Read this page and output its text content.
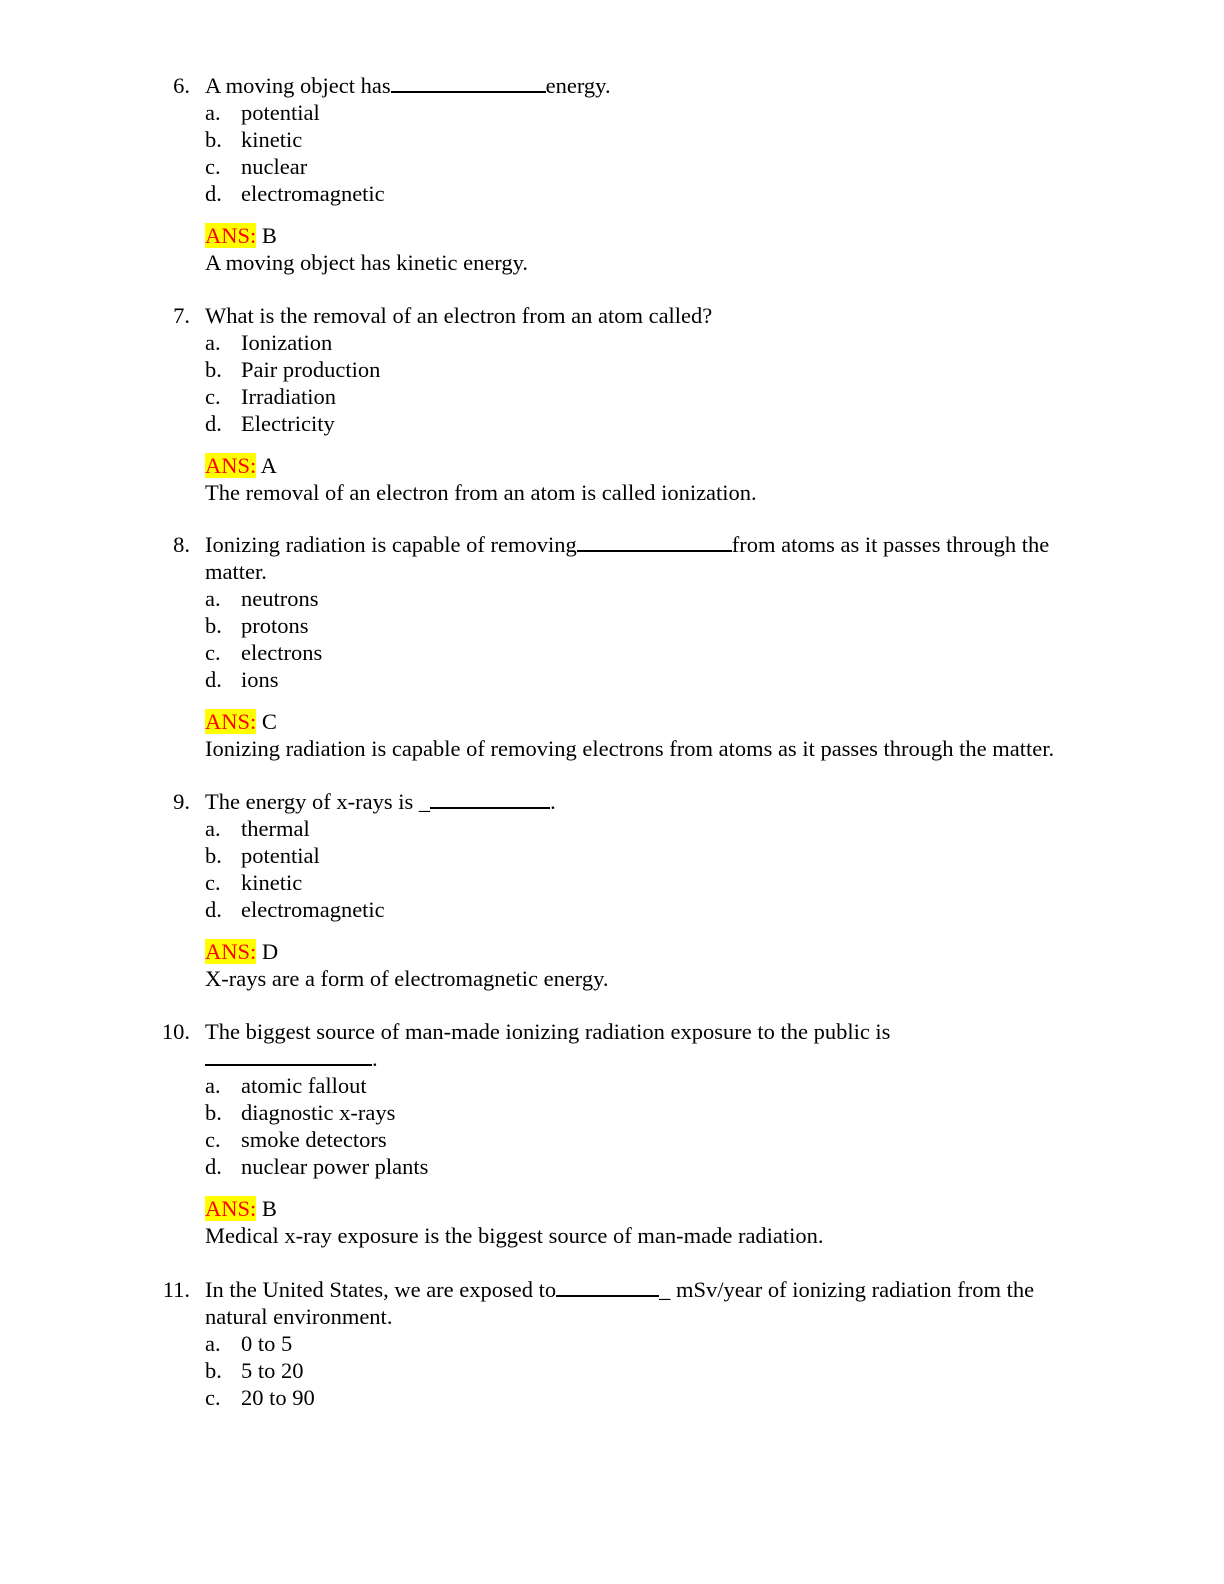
6. A moving object has	energy.
a. potential
b. kinetic
c. nuclear
d. electromagnetic
ANS: B
A moving object has kinetic energy.
7. What is the removal of an electron from an atom called?
a. Ionization
b. Pair production
c. Irradiation
d. Electricity
ANS: A
The removal of an electron from an atom is called ionization.
8. Ionizing radiation is capable of removing	from atoms as it passes through the
matter.
a. neutrons
b. protons
c. electrons
d. ions
ANS: C
Ionizing radiation is capable of removing electrons from atoms as it passes through the matter.
9. The energy of x-rays is _	.
a. thermal
b. potential
c. kinetic
d. electromagnetic
ANS: D
X-rays are a form of electromagnetic energy.
10. The biggest source of man-made ionizing radiation exposure to the public is
.
a. atomic fallout
b. diagnostic x-rays
c. smoke detectors
d. nuclear power plants
ANS: B
Medical x-ray exposure is the biggest source of man-made radiation.
11. In the United States, we are exposed to	_ mSv/year of ionizing radiation from the
natural environment.
a. 0 to 5
b. 5 to 20
c. 20 to 90
